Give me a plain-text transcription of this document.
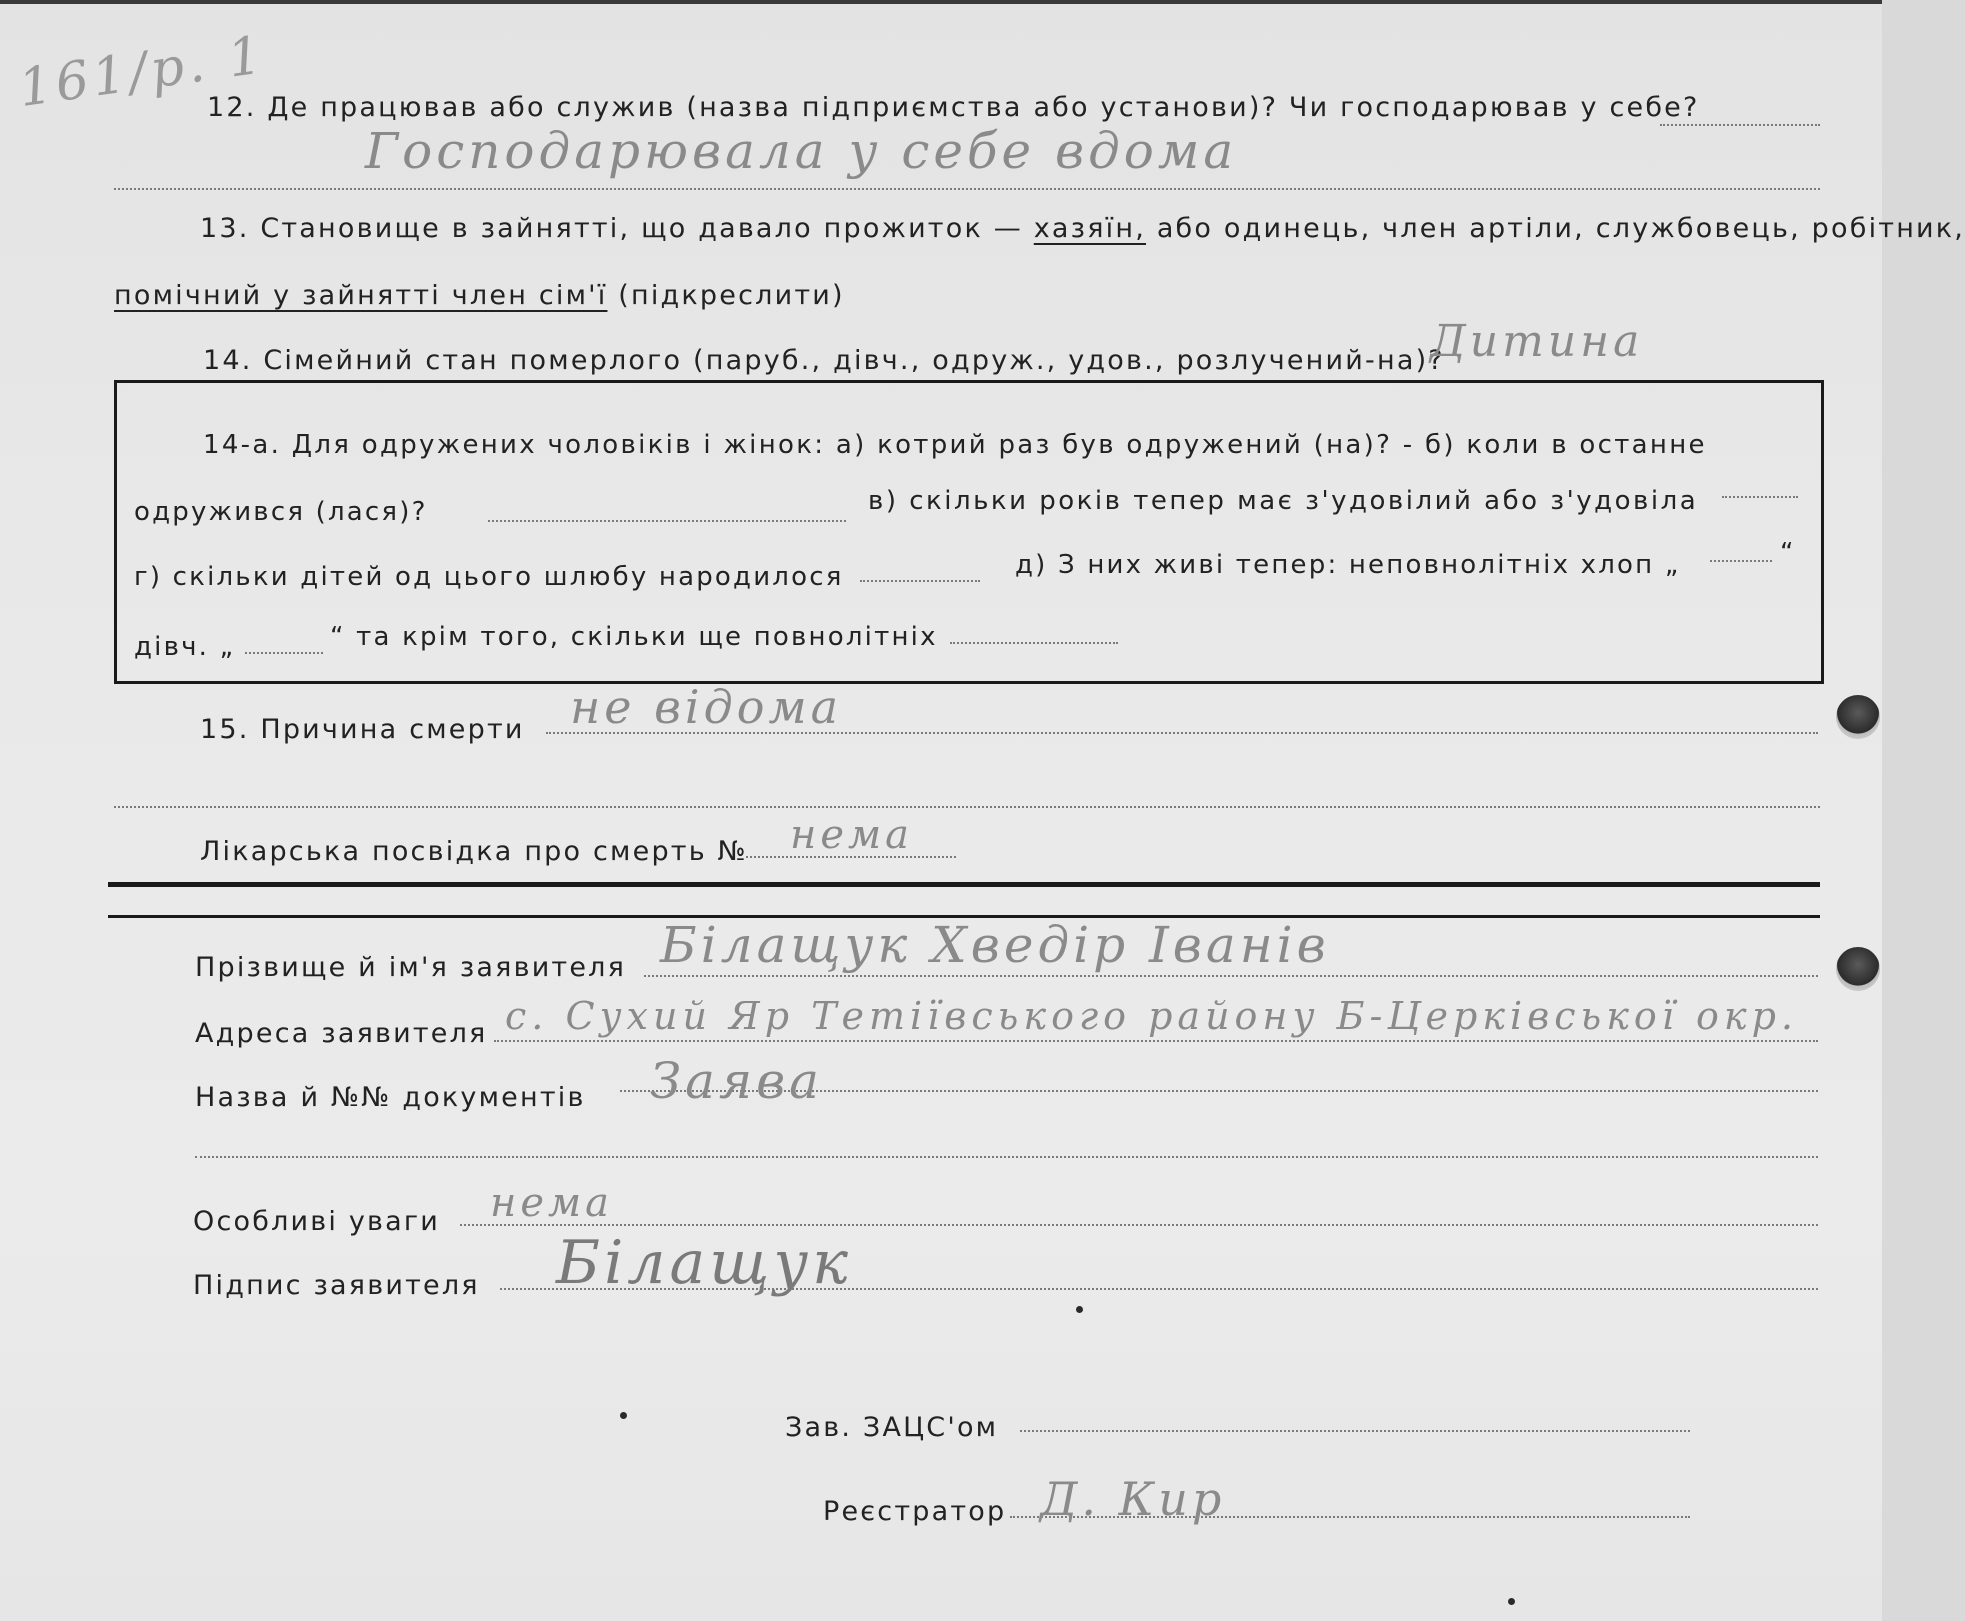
161/р. 1
12. Де працював або служив (назва підприємства або установи)? Чи господарював у себе?
Господарювала у себе вдома
13. Становище в зайнятті, що давало прожиток — хазяїн, або одинець, член артіли, службовець, робітник,
помічний у зайнятті член сім'ї (підкреслити)
14. Сімейний стан померлого (паруб., дівч., одруж., удов., розлучений-на)?
Дитина
14-а. Для одружених чоловіків і жінок: а) котрий раз був одружений (на)? - б) коли в останне
одружився (лася)?	в) скільки років тепер має з'удовілий або з'удовіла
г) скільки дітей од цього шлюбу народилося	д) З них живі тепер: неповнолітніх хлоп „	“
дівч. „	“ та крім того, скільки ще повнолітніх
15. Причина смерти не відома
Лікарська посвідка про смерть № нема
Прізвище й ім'я заявителя Білащук Хведір Іванів
Адреса заявителя с. Сухий Яр Тетіївського району Б-Церківської окр.
Назва й №№ документів Заява
Особливі уваги нема
Підпис заявителя Білащук
Зав. ЗАЦС'ом
Реєстратор Д. Кир
